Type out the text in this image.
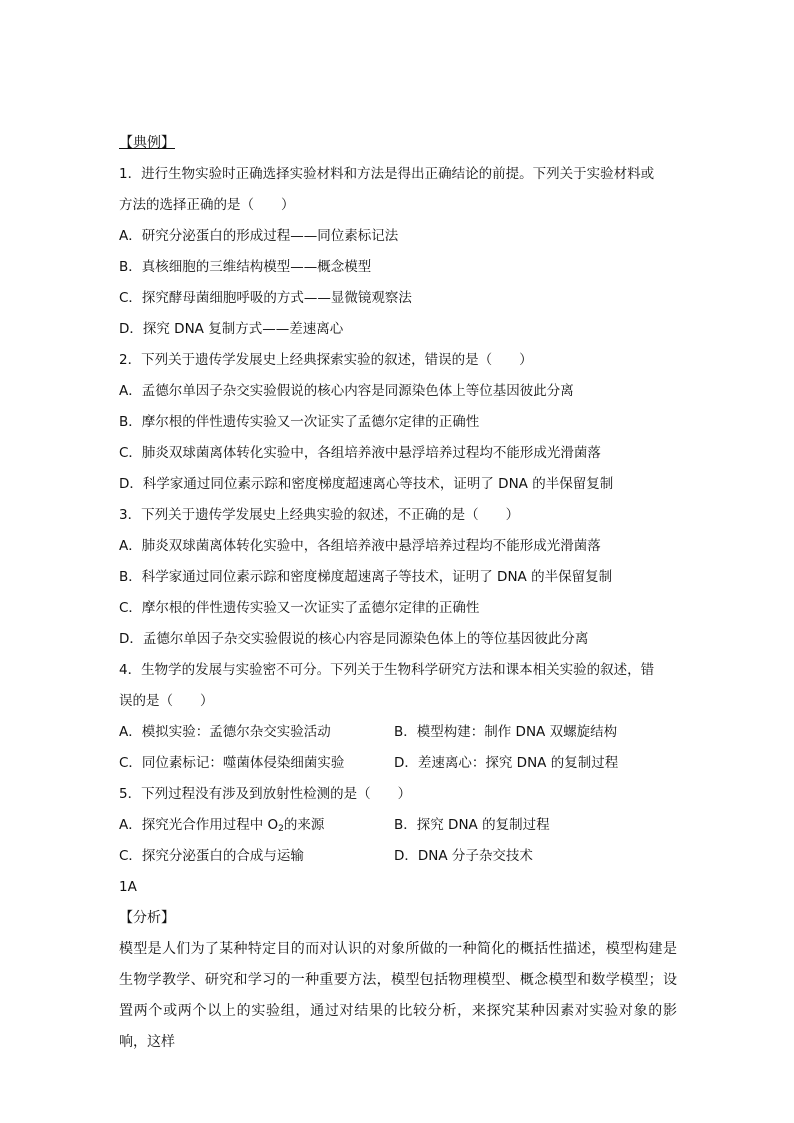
【典例】
1．进行生物实验时正确选择实验材料和方法是得出正确结论的前提。下列关于实验材料或
方法的选择正确的是（　　）
A．研究分泌蛋白的形成过程——同位素标记法
B．真核细胞的三维结构模型——概念模型
C．探究酵母菌细胞呼吸的方式——显微镜观察法
D．探究 DNA 复制方式——差速离心
2．下列关于遗传学发展史上经典探索实验的叙述，错误的是（　　）
A．孟德尔单因子杂交实验假说的核心内容是同源染色体上等位基因彼此分离
B．摩尔根的伴性遗传实验又一次证实了孟德尔定律的正确性
C．肺炎双球菌离体转化实验中，各组培养液中悬浮培养过程均不能形成光滑菌落
D．科学家通过同位素示踪和密度梯度超速离心等技术，证明了 DNA 的半保留复制
3．下列关于遗传学发展史上经典实验的叙述，不正确的是（　　）
A．肺炎双球菌离体转化实验中，各组培养液中悬浮培养过程均不能形成光滑菌落
B．科学家通过同位素示踪和密度梯度超速离子等技术，证明了 DNA 的半保留复制
C．摩尔根的伴性遗传实验又一次证实了孟德尔定律的正确性
D．孟德尔单因子杂交实验假说的核心内容是同源染色体上的等位基因彼此分离
4．生物学的发展与实验密不可分。下列关于生物科学研究方法和课本相关实验的叙述，错
误的是（　　）
A．模拟实验：孟德尔杂交实验活动	B．模型构建：制作 DNA 双螺旋结构
C．同位素标记：噬菌体侵染细菌实验	D．差速离心：探究 DNA 的复制过程
5．下列过程没有涉及到放射性检测的是（　　）
A．探究光合作用过程中 $O_2$的来源	B．探究 DNA 的复制过程
C．探究分泌蛋白的合成与运输	D．DNA 分子杂交技术
1A
【分析】
模型是人们为了某种特定目的而对认识的对象所做的一种简化的概括性描述，模型构建是生物学教学、研究和学习的一种重要方法，模型包括物理模型、概念模型和数学模型；设置两个或两个以上的实验组，通过对结果的比较分析，来探究某种因素对实验对象的影响，这样
